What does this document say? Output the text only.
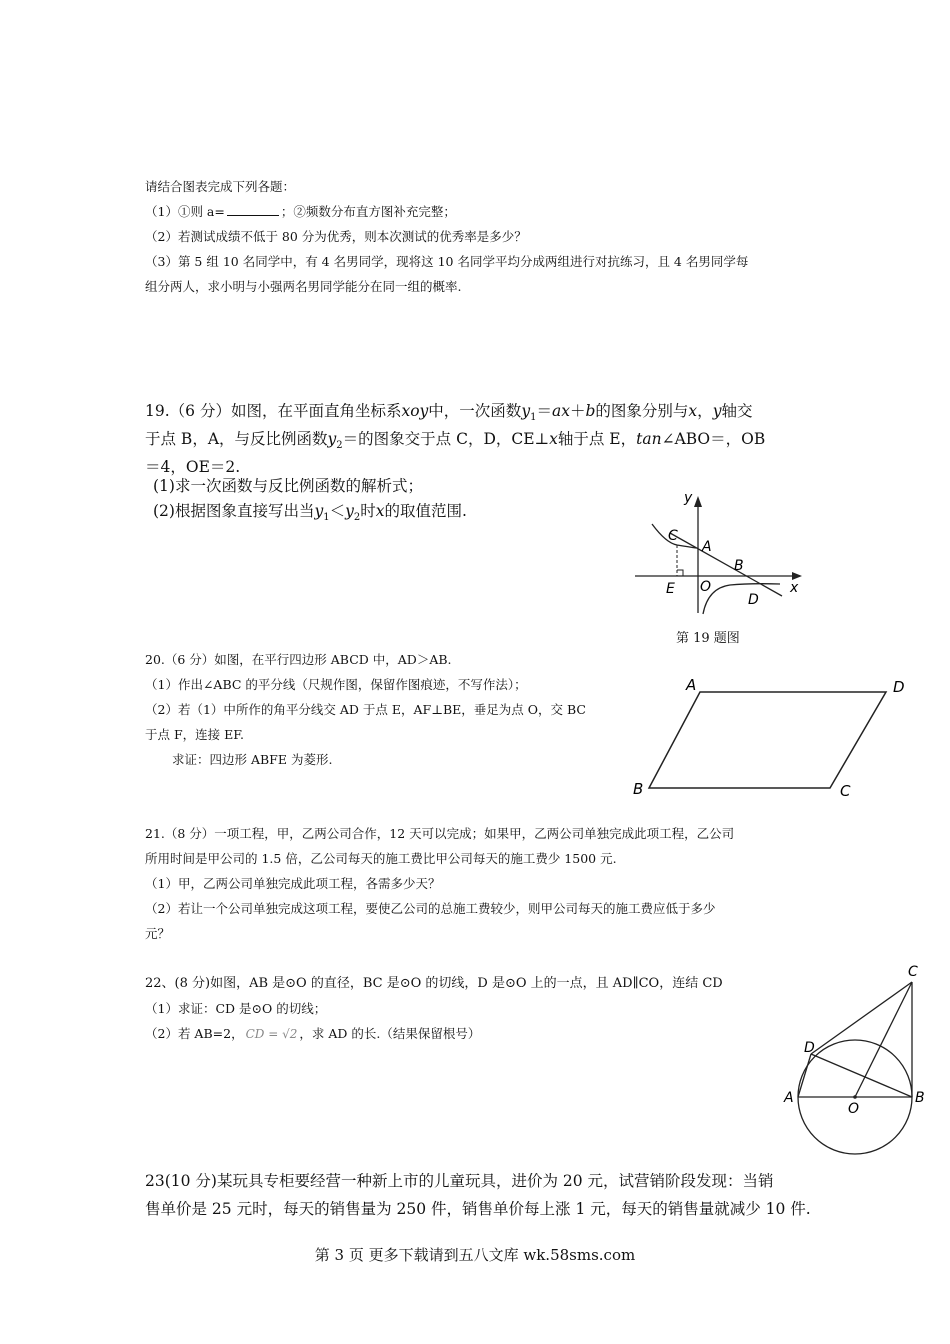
请结合图表完成下列各题：
（1）①则 a=	；②频数分布直方图补充完整；
（2）若测试成绩不低于 80 分为优秀，则本次测试的优秀率是多少？
（3）第 5 组 10 名同学中，有 4 名男同学，现将这 10 名同学平均分成两组进行对抗练习，且 4 名男同学每
组分两人，求小明与小强两名男同学能分在同一组的概率.
19.（6 分）如图，在平面直角坐标系xoy中，一次函数$y_1=ax+b$的图象分别与x，y轴交
于点 B，A，与反比例函数$y_2=$的图象交于点 C，D，CE⊥x轴于点 E，tan∠ABO＝，OB
＝4，OE＝2.
(1)求一次函数与反比例函数的解析式；
(2)根据图象直接写出当$y_1<y_2$时x的取值范围.
y
x
C
A
B
E O
D
第 19 题图
20.（6 分）如图，在平行四边形 ABCD 中，AD＞AB.
（1）作出∠ABC 的平分线（尺规作图，保留作图痕迹，不写作法）；
（2）若（1）中所作的角平分线交 AD 于点 E，AF⊥BE，垂足为点 O，交 BC
于点 F，连接 EF.
求证：四边形 ABFE 为菱形.
A	D
B	C
21.（8 分）一项工程，甲，乙两公司合作，12 天可以完成；如果甲，乙两公司单独完成此项工程，乙公司
所用时间是甲公司的 1.5 倍，乙公司每天的施工费比甲公司每天的施工费少 1500 元.
（1）甲，乙两公司单独完成此项工程，各需多少天？
（2）若让一个公司单独完成这项工程，要使乙公司的总施工费较少，则甲公司每天的施工费应低于多少
元？
22、(8 分)如图，AB 是⊙O 的直径，BC 是⊙O 的切线，D 是⊙O 上的一点，且 AD∥CO，连结 CD
（1）求证：CD 是⊙O 的切线；
（2）若 AB=2， CD = √2 ，求 AD 的长.（结果保留根号）
C
D
A
O
B
23(10 分)某玩具专柜要经营一种新上市的儿童玩具，进价为 20 元，试营销阶段发现：当销
售单价是 25 元时，每天的销售量为 250 件，销售单价每上涨 1 元，每天的销售量就减少 10 件.
第 3 页 更多下载请到五八文库 wk.58sms.com
